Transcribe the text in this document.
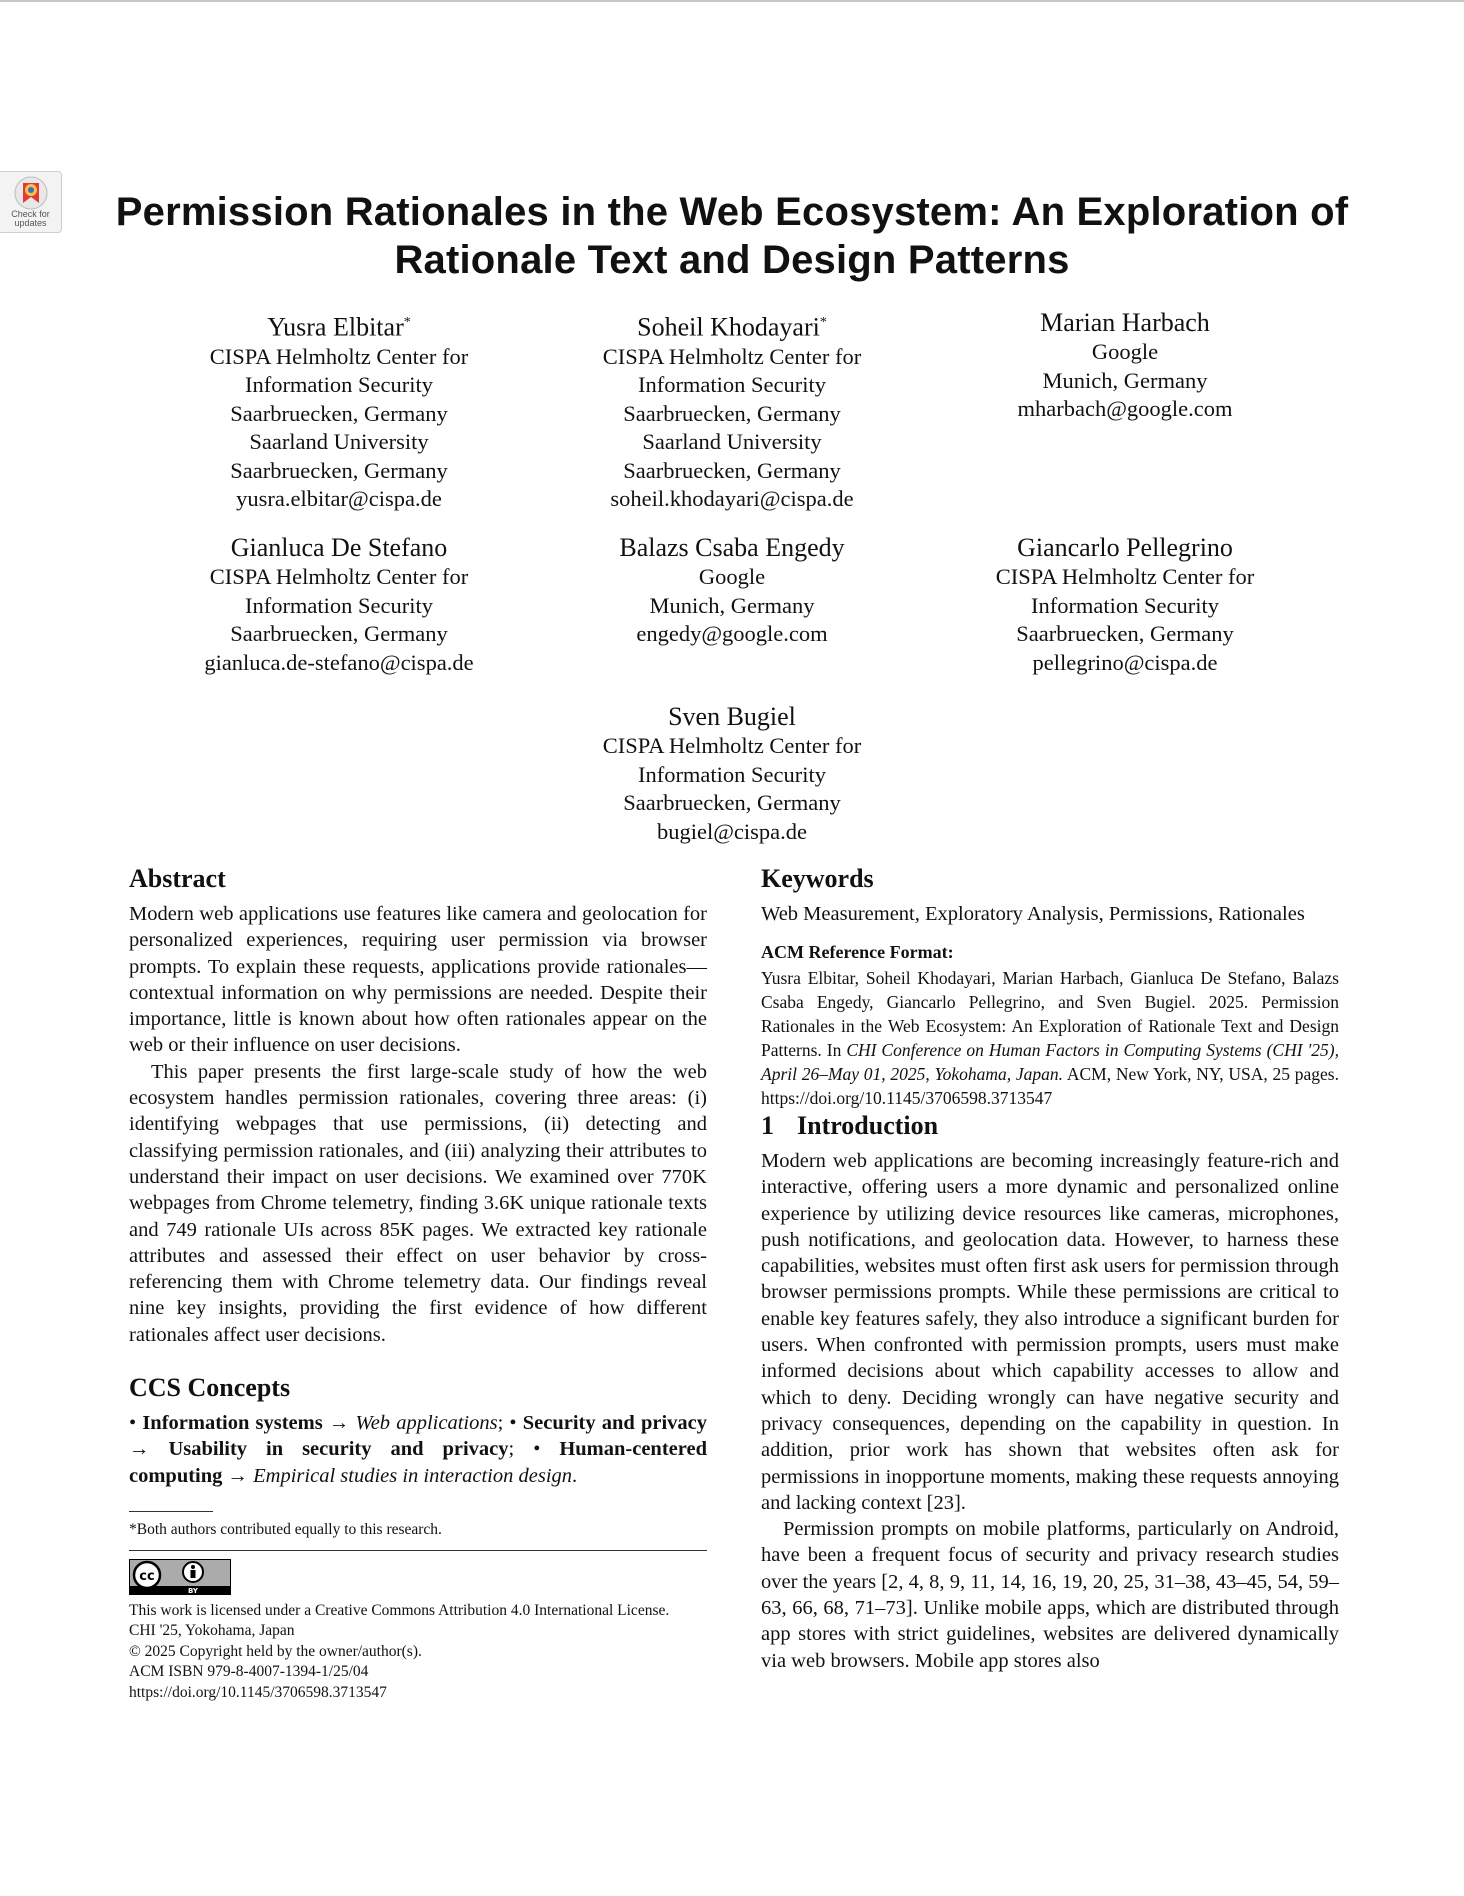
Check for
updates	Permission Rationales in the Web Ecosystem: An Exploration of
Rationale Text and Design Patterns
Yusra Elbitar*
CISPA Helmholtz Center for
Information Security
Saarbruecken, Germany
Saarland University
Saarbruecken, Germany
yusra.elbitar@cispa.de
Soheil Khodayari*
CISPA Helmholtz Center for
Information Security
Saarbruecken, Germany
Saarland University
Saarbruecken, Germany
soheil.khodayari@cispa.de
Marian Harbach
Google
Munich, Germany
mharbach@google.com
Gianluca De Stefano
CISPA Helmholtz Center for
Information Security
Saarbruecken, Germany
gianluca.de-stefano@cispa.de
Balazs Csaba Engedy
Google
Munich, Germany
engedy@google.com
Giancarlo Pellegrino
CISPA Helmholtz Center for
Information Security
Saarbruecken, Germany
pellegrino@cispa.de
Sven Bugiel
CISPA Helmholtz Center for
Information Security
Saarbruecken, Germany
bugiel@cispa.de
Abstract

Modern web applications use features like camera and geolocation for personalized experiences, requiring user permission via browser prompts. To explain these requests, applications provide rationales—contextual information on why permissions are needed. Despite their importance, little is known about how often rationales appear on the web or their influence on user decisions.

This paper presents the first large-scale study of how the web ecosystem handles permission rationales, covering three areas: (i) identifying webpages that use permissions, (ii) detecting and classifying permission rationales, and (iii) analyzing their attributes to understand their impact on user decisions. We examined over 770K webpages from Chrome telemetry, finding 3.6K unique rationale texts and 749 rationale UIs across 85K pages. We extracted key rationale attributes and assessed their effect on user behavior by cross-referencing them with Chrome telemetry data. Our findings reveal nine key insights, providing the first evidence of how different rationales affect user decisions.

CCS Concepts

• Information systems → Web applications; • Security and privacy → Usability in security and privacy; • Human-centered computing → Empirical studies in interaction design.

*Both authors contributed equally to this research.
cc
BY
This work is licensed under a Creative Commons Attribution 4.0 International License.
CHI '25, Yokohama, Japan
© 2025 Copyright held by the owner/author(s).
ACM ISBN 979-8-4007-1394-1/25/04
https://doi.org/10.1145/3706598.3713547
Keywords

Web Measurement, Exploratory Analysis, Permissions, Rationales

ACM Reference Format:

Yusra Elbitar, Soheil Khodayari, Marian Harbach, Gianluca De Stefano, Balazs Csaba Engedy, Giancarlo Pellegrino, and Sven Bugiel. 2025. Permission Rationales in the Web Ecosystem: An Exploration of Rationale Text and Design Patterns. In CHI Conference on Human Factors in Computing Systems (CHI '25), April 26–May 01, 2025, Yokohama, Japan. ACM, New York, NY, USA, 25 pages. https://doi.org/10.1145/3706598.3713547

1 Introduction

Modern web applications are becoming increasingly feature-rich and interactive, offering users a more dynamic and personalized online experience by utilizing device resources like cameras, microphones, push notifications, and geolocation data. However, to harness these capabilities, websites must often first ask users for permission through browser permissions prompts. While these permissions are critical to enable key features safely, they also introduce a significant burden for users. When confronted with permission prompts, users must make informed decisions about which capability accesses to allow and which to deny. Deciding wrongly can have negative security and privacy consequences, depending on the capability in question. In addition, prior work has shown that websites often ask for permissions in inopportune moments, making these requests annoying and lacking context [23].

Permission prompts on mobile platforms, particularly on Android, have been a frequent focus of security and privacy research studies over the years [2, 4, 8, 9, 11, 14, 16, 19, 20, 25, 31–38, 43–45, 54, 59–63, 66, 68, 71–73]. Unlike mobile apps, which are distributed through app stores with strict guidelines, websites are delivered dynamically via web browsers. Mobile app stores also
